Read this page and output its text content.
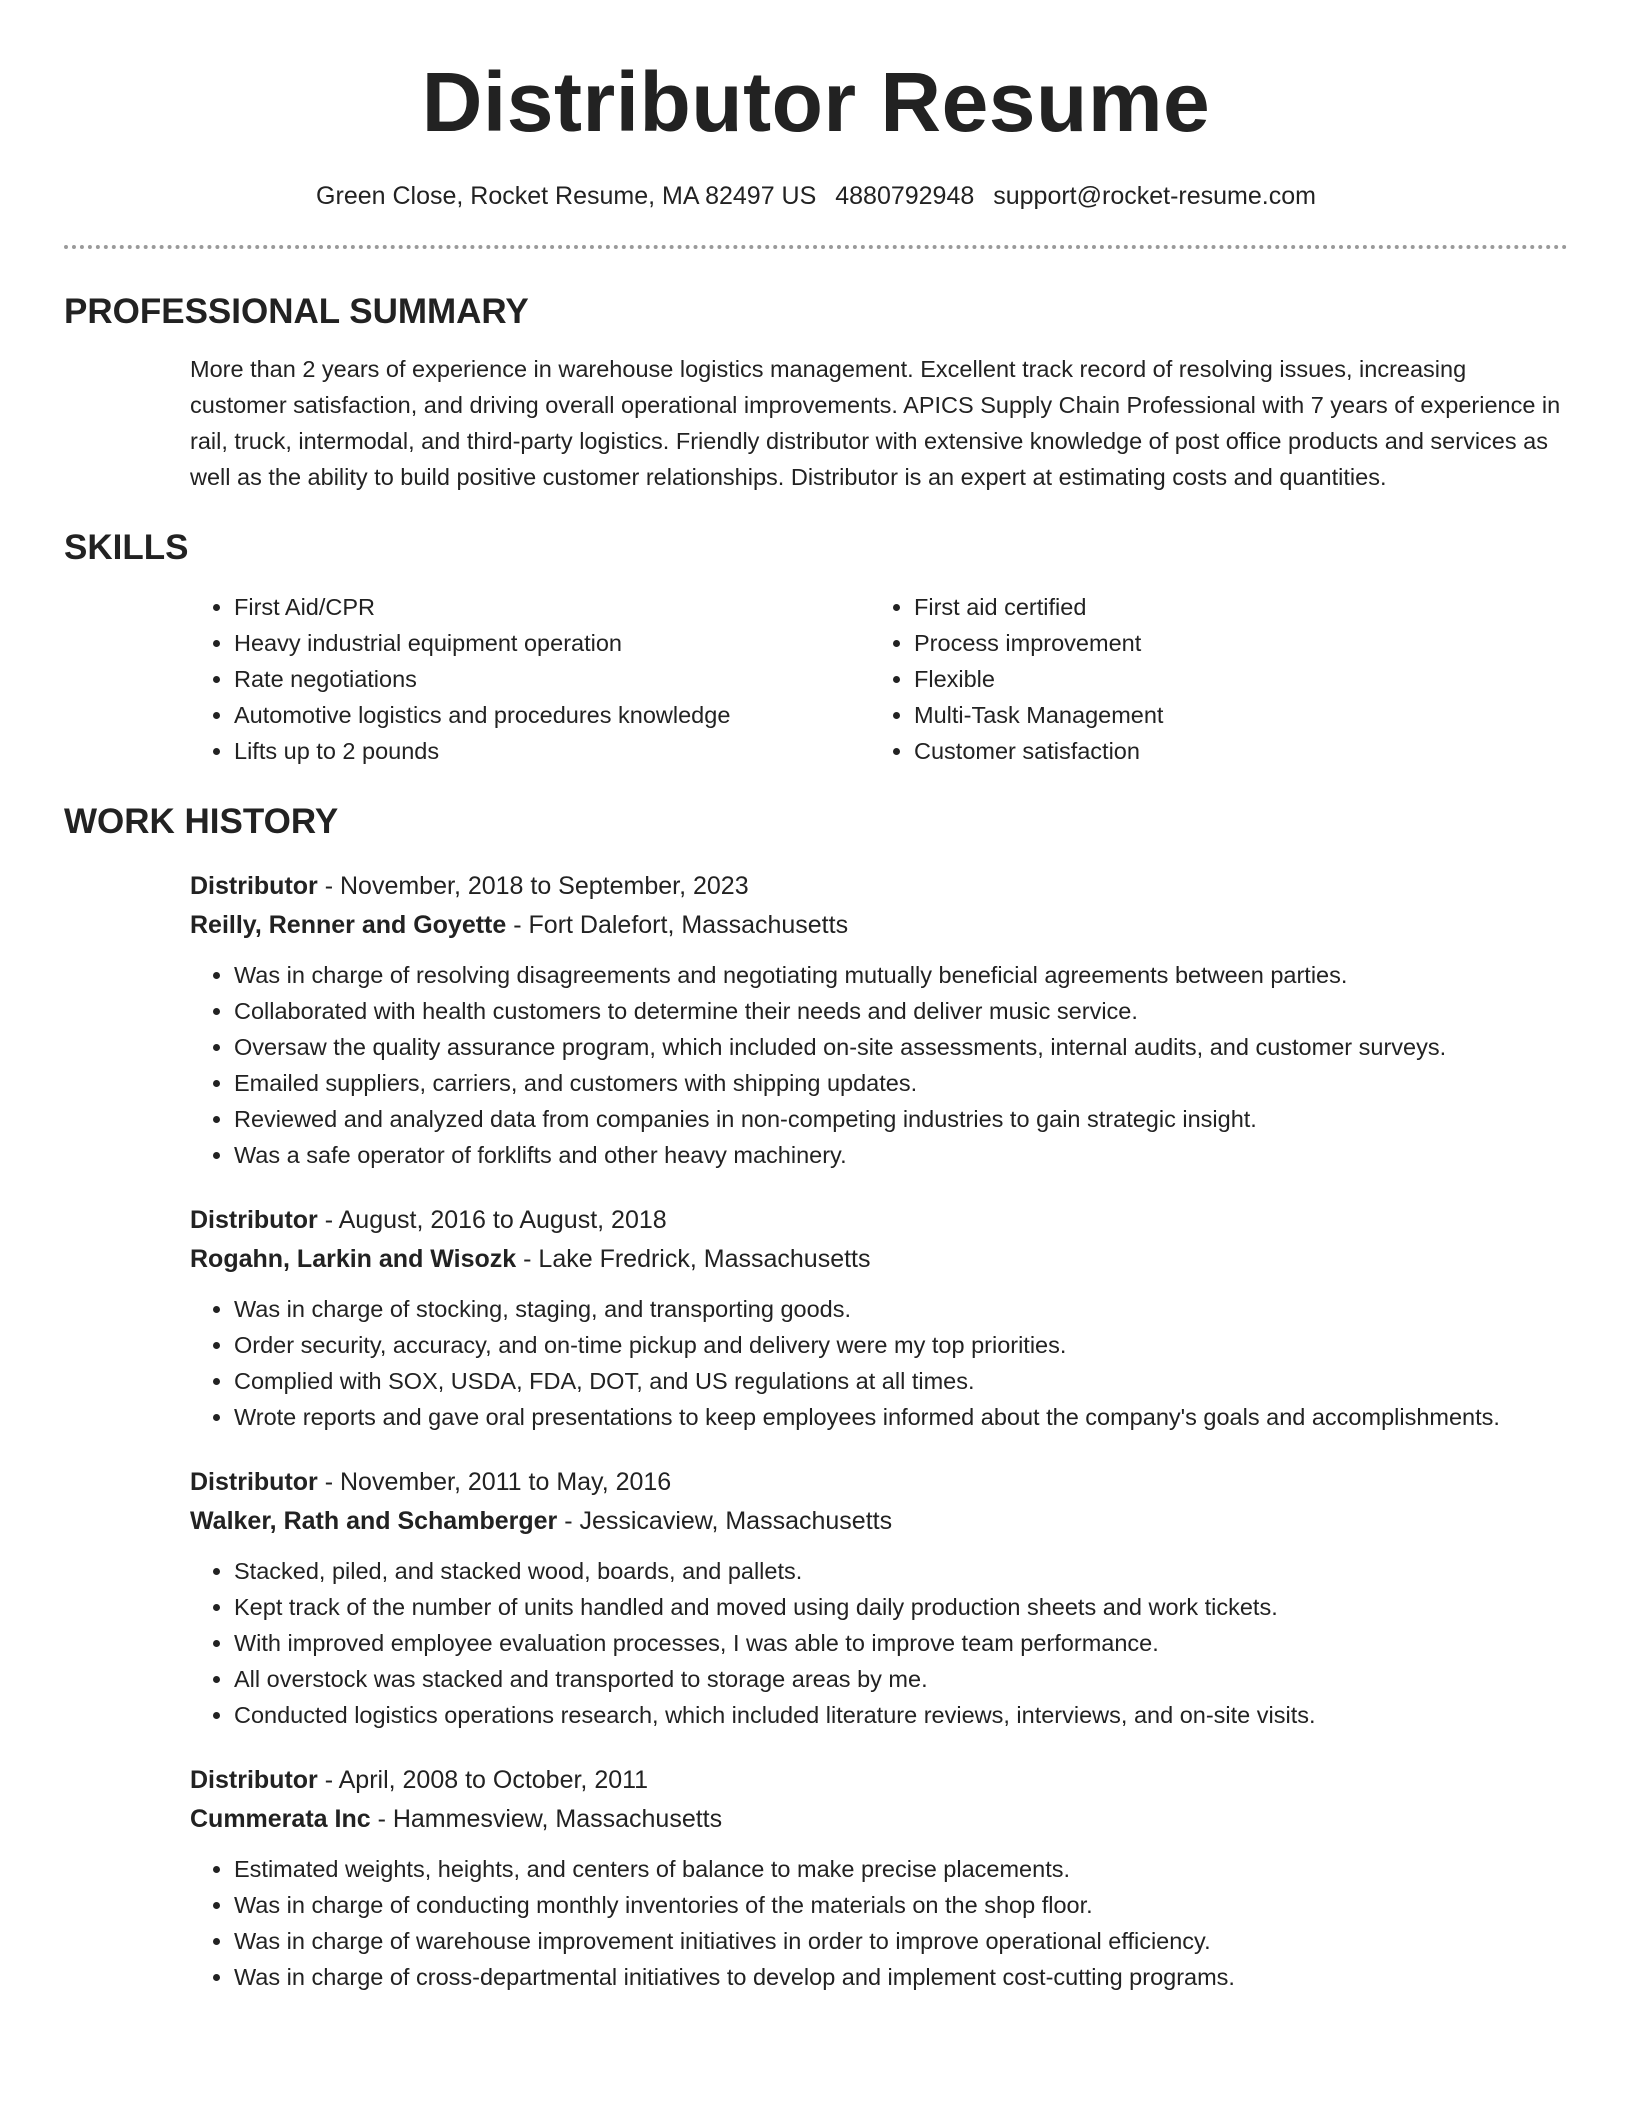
Distributor Resume
Green Close, Rocket Resume, MA 82497 US 4880792948 support@rocket-resume.com
PROFESSIONAL SUMMARY

More than 2 years of experience in warehouse logistics management. Excellent track record of resolving issues, increasing customer satisfaction, and driving overall operational improvements. APICS Supply Chain Professional with 7 years of experience in rail, truck, intermodal, and third-party logistics. Friendly distributor with extensive knowledge of post office products and services as well as the ability to build positive customer relationships. Distributor is an expert at estimating costs and quantities.

SKILLS
• First Aid/CPR
• Heavy industrial equipment operation
• Rate negotiations
• Automotive logistics and procedures knowledge
• Lifts up to 2 pounds
• First aid certified
• Process improvement
• Flexible
• Multi-Task Management
• Customer satisfaction
WORK HISTORY
Distributor - November, 2018 to September, 2023
Reilly, Renner and Goyette - Fort Dalefort, Massachusetts
• Was in charge of resolving disagreements and negotiating mutually beneficial agreements between parties.
• Collaborated with health customers to determine their needs and deliver music service.
• Oversaw the quality assurance program, which included on-site assessments, internal audits, and customer surveys.
• Emailed suppliers, carriers, and customers with shipping updates.
• Reviewed and analyzed data from companies in non-competing industries to gain strategic insight.
• Was a safe operator of forklifts and other heavy machinery.
Distributor - August, 2016 to August, 2018
Rogahn, Larkin and Wisozk - Lake Fredrick, Massachusetts
• Was in charge of stocking, staging, and transporting goods.
• Order security, accuracy, and on-time pickup and delivery were my top priorities.
• Complied with SOX, USDA, FDA, DOT, and US regulations at all times.
• Wrote reports and gave oral presentations to keep employees informed about the company's goals and accomplishments.
Distributor - November, 2011 to May, 2016
Walker, Rath and Schamberger - Jessicaview, Massachusetts
• Stacked, piled, and stacked wood, boards, and pallets.
• Kept track of the number of units handled and moved using daily production sheets and work tickets.
• With improved employee evaluation processes, I was able to improve team performance.
• All overstock was stacked and transported to storage areas by me.
• Conducted logistics operations research, which included literature reviews, interviews, and on-site visits.
Distributor - April, 2008 to October, 2011
Cummerata Inc - Hammesview, Massachusetts
• Estimated weights, heights, and centers of balance to make precise placements.
• Was in charge of conducting monthly inventories of the materials on the shop floor.
• Was in charge of warehouse improvement initiatives in order to improve operational efficiency.
• Was in charge of cross-departmental initiatives to develop and implement cost-cutting programs.
